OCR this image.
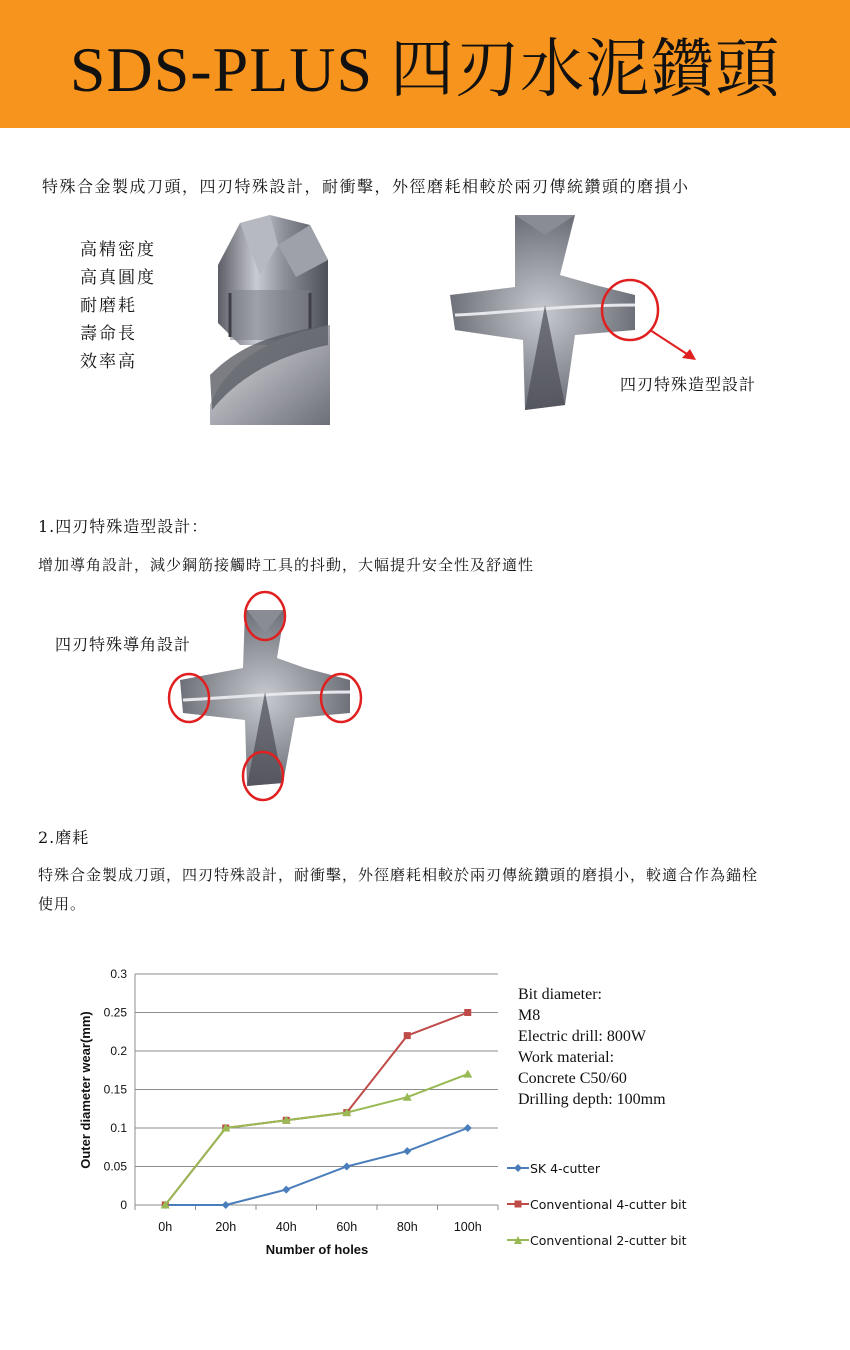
SDS-PLUS 四刃水泥鑽頭
特殊合金製成刀頭，四刃特殊設計，耐衝擊，外徑磨耗相較於兩刃傳統鑽頭的磨損小
高精密度
高真圓度
耐磨耗
壽命長
效率高
四刃特殊造型設計
1.四刃特殊造型設計：
增加導角設計，減少鋼筋接觸時工具的抖動，大幅提升安全性及舒適性
四刃特殊導角設計
2.磨耗
特殊合金製成刀頭，四刃特殊設計，耐衝擊，外徑磨耗相較於兩刃傳統鑽頭的磨損小，較適合作為錨栓
使用。
0
0.05
0.1
0.15
0.2
0.25
0.3
0h	20h	40h	60h	80h	100h
Outer diameter wear(mm)
Number of holes
Bit diameter:
M8
Electric drill: 800W
Work material:
Concrete C50/60
Drilling depth: 100mm
SK 4-cutter
Conventional 4-cutter bit
Conventional 2-cutter bit
